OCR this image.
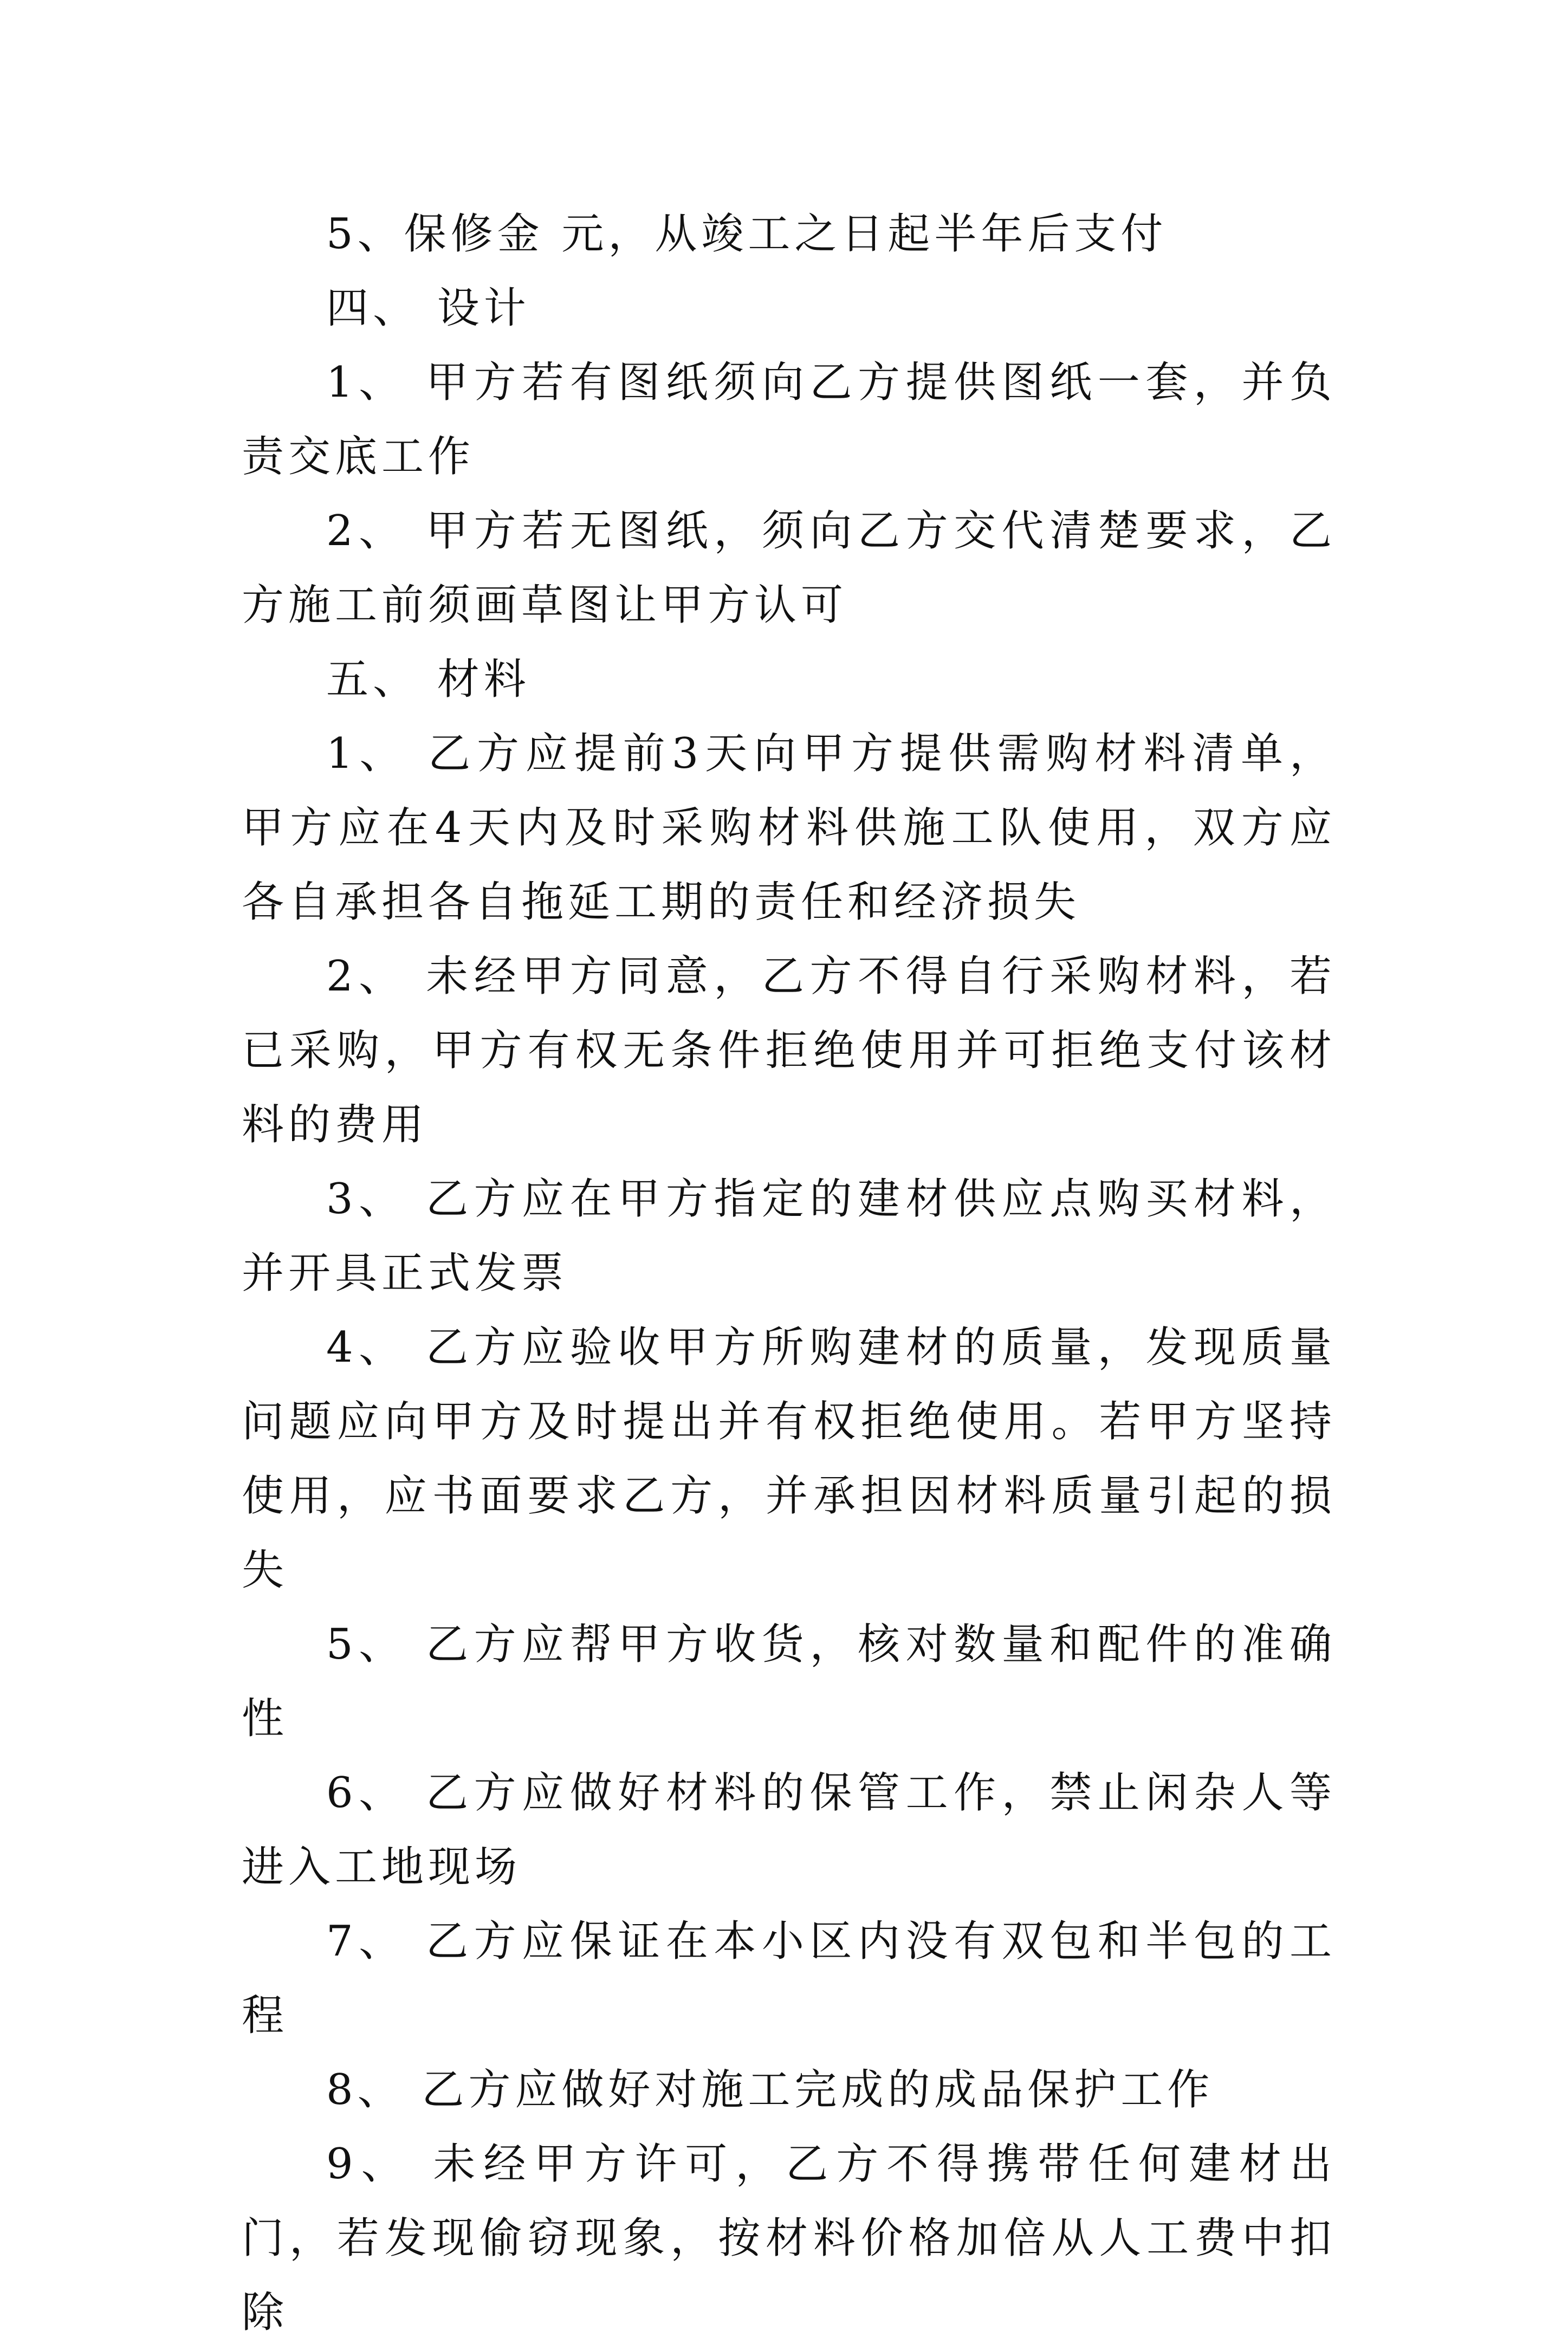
5、保修金 元，从竣工之日起半年后支付

四、 设计

1、 甲方若有图纸须向乙方提供图纸一套，并负责交底工作

2、 甲方若无图纸，须向乙方交代清楚要求，乙方施工前须画草图让甲方认可

五、 材料

1、 乙方应提前3天向甲方提供需购材料清单，甲方应在4天内及时采购材料供施工队使用，双方应各自承担各自拖延工期的责任和经济损失

2、 未经甲方同意，乙方不得自行采购材料，若已采购，甲方有权无条件拒绝使用并可拒绝支付该材料的费用

3、 乙方应在甲方指定的建材供应点购买材料，并开具正式发票

4、 乙方应验收甲方所购建材的质量，发现质量问题应向甲方及时提出并有权拒绝使用。若甲方坚持使用，应书面要求乙方，并承担因材料质量引起的损失

5、 乙方应帮甲方收货，核对数量和配件的准确性

6、 乙方应做好材料的保管工作，禁止闲杂人等进入工地现场

7、 乙方应保证在本小区内没有双包和半包的工程

8、 乙方应做好对施工完成的成品保护工作

9、 未经甲方许可，乙方不得携带任何建材出门，若发现偷窃现象，按材料价格加倍从人工费中扣除
